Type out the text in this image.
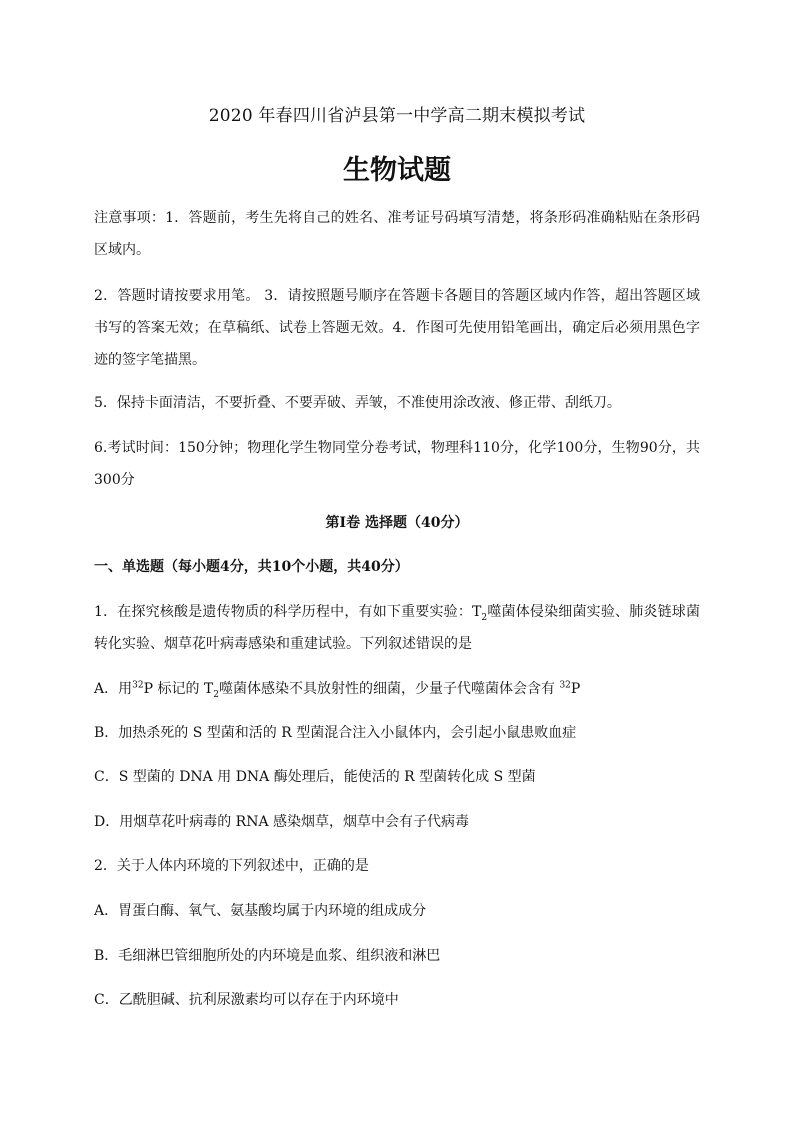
2020 年春四川省泸县第一中学高二期末模拟考试
生物试题

注意事项：1．答题前，考生先将自己的姓名、准考证号码填写清楚，将条形码准确粘贴在条形码区域内。

2．答题时请按要求用笔。 3．请按照题号顺序在答题卡各题目的答题区域内作答，超出答题区域书写的答案无效；在草稿纸、试卷上答题无效。4．作图可先使用铅笔画出，确定后必须用黑色字迹的签字笔描黑。

5．保持卡面清洁，不要折叠、不要弄破、弄皱，不准使用涂改液、修正带、刮纸刀。

6.考试时间：150分钟；物理化学生物同堂分卷考试，物理科110分，化学100分，生物90分，共300分

第Ⅰ卷 选择题（40分）
一、单选题（每小题4分，共10个小题，共40分）

1．在探究核酸是遗传物质的科学历程中，有如下重要实验：$T_2$噬菌体侵染细菌实验、肺炎链球菌转化实验、烟草花叶病毒感染和重建试验。下列叙述错误的是

A．用$^{32}$P 标记的 $T_2$噬菌体感染不具放射性的细菌，少量子代噬菌体会含有 $^{32}$P
B．加热杀死的 S 型菌和活的 R 型菌混合注入小鼠体内，会引起小鼠患败血症
C．S 型菌的 DNA 用 DNA 酶处理后，能使活的 R 型菌转化成 S 型菌
D．用烟草花叶病毒的 RNA 感染烟草，烟草中会有子代病毒
2．关于人体内环境的下列叙述中，正确的是
A．胃蛋白酶、氧气、氨基酸均属于内环境的组成成分
B．毛细淋巴管细胞所处的内环境是血浆、组织液和淋巴
C．乙酰胆碱、抗利尿激素均可以存在于内环境中
